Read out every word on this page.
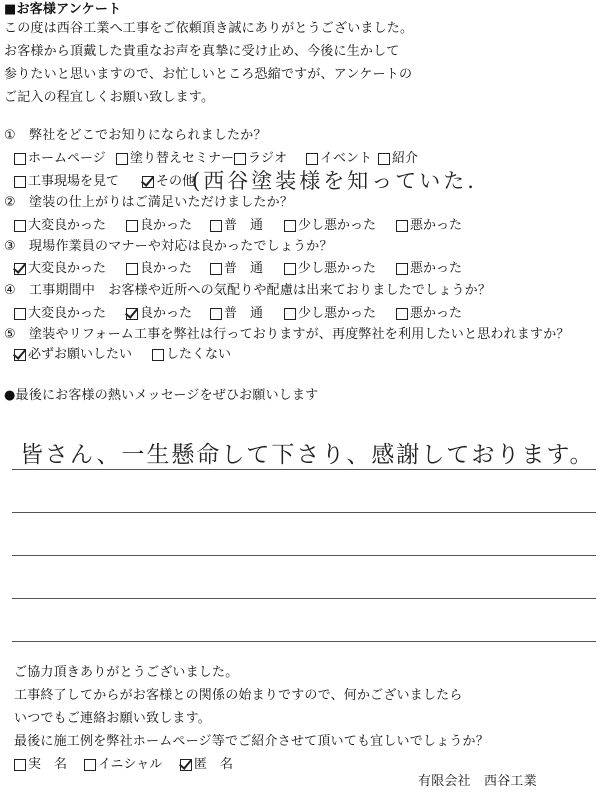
■お客様アンケート
この度は西谷工業へ工事をご依頼頂き誠にありがとうございました。
お客様から頂戴した貴重なお声を真摯に受け止め、今後に生かして
参りたいと思いますので、お忙しいところ恐縮ですが、アンケートの
ご記入の程宜しくお願い致します。
①　弊社をどこでお知りになられましたか？
ホームページ 塗り替えセミナー ラジオ	イベント 紹介
工事現場を見て	その他
(西谷塗装様を知っていた.
②　塗装の仕上がりはご満足いただけましたか？
大変良かった	良かった 普　通	少し悪かった	悪かった
③　現場作業員のマナーや対応は良かったでしょうか？
大変良かった	良かった 普　通	少し悪かった	悪かった
④　工事期間中　お客様や近所への気配りや配慮は出来ておりましたでしょうか？
大変良かった	良かった 普　通	少し悪かった	悪かった
⑤　塗装やリフォーム工事を弊社は行っておりますが、再度弊社を利用したいと思われますか？
必ずお願いしたい	したくない
●最後にお客様の熱いメッセージをぜひお願いします
皆さん、一生懸命して下さり、感謝しております。
ご協力頂きありがとうございました。
工事終了してからがお客様との関係の始まりですので、何かございましたら
いつでもご連絡お願い致します。
最後に施工例を弊社ホームページ等でご紹介させて頂いても宜しいでしょうか？
実　名 イニシャル 匿　名
有限会社　西谷工業
